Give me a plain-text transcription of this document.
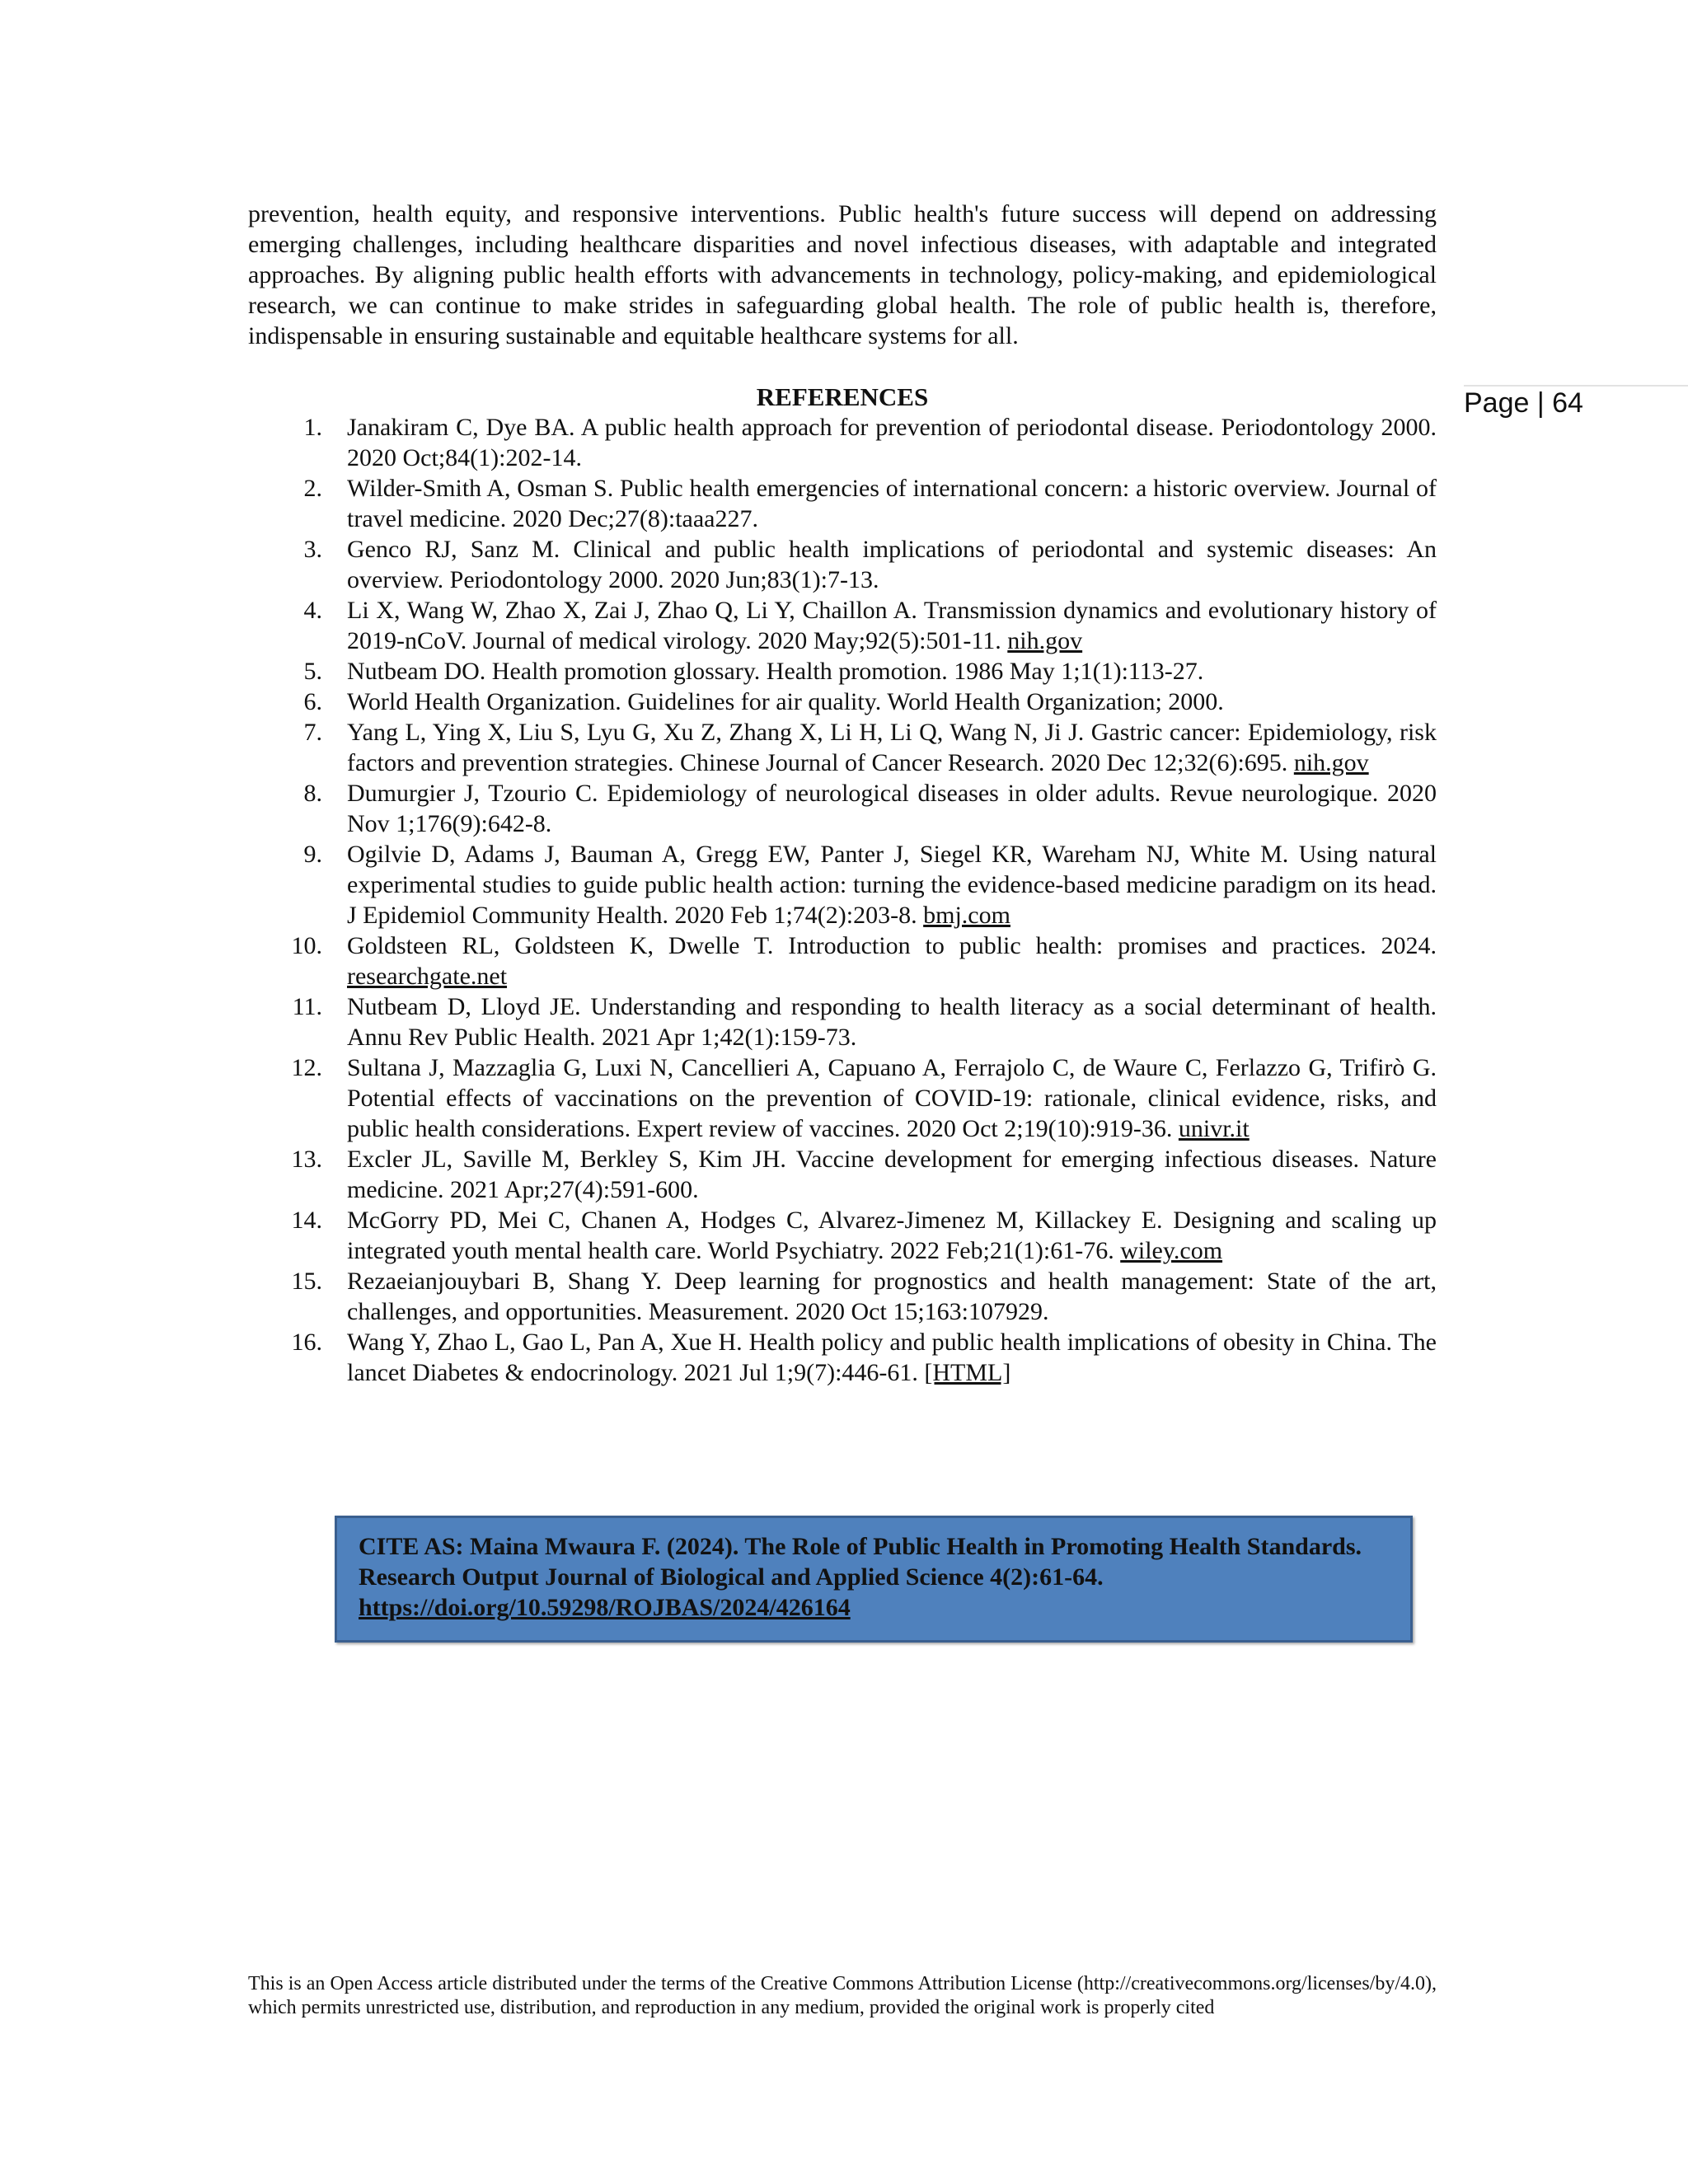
prevention, health equity, and responsive interventions. Public health's future success will depend on addressing emerging challenges, including healthcare disparities and novel infectious diseases, with adaptable and integrated approaches. By aligning public health efforts with advancements in technology, policy-making, and epidemiological research, we can continue to make strides in safeguarding global health. The role of public health is, therefore, indispensable in ensuring sustainable and equitable healthcare systems for all.

REFERENCES	Page | 64
1. Janakiram C, Dye BA. A public health approach for prevention of periodontal disease. Periodontology 2000. 2020 Oct;84(1):202-14.
2. Wilder-Smith A, Osman S. Public health emergencies of international concern: a historic overview. Journal of travel medicine. 2020 Dec;27(8):taaa227.
3. Genco RJ, Sanz M. Clinical and public health implications of periodontal and systemic diseases: An overview. Periodontology 2000. 2020 Jun;83(1):7-13.
4. Li X, Wang W, Zhao X, Zai J, Zhao Q, Li Y, Chaillon A. Transmission dynamics and evolutionary history of 2019-nCoV. Journal of medical virology. 2020 May;92(5):501-11. nih.gov
5. Nutbeam DO. Health promotion glossary. Health promotion. 1986 May 1;1(1):113-27.
6. World Health Organization. Guidelines for air quality. World Health Organization; 2000.
7. Yang L, Ying X, Liu S, Lyu G, Xu Z, Zhang X, Li H, Li Q, Wang N, Ji J. Gastric cancer: Epidemiology, risk factors and prevention strategies. Chinese Journal of Cancer Research. 2020 Dec 12;32(6):695. nih.gov
8. Dumurgier J, Tzourio C. Epidemiology of neurological diseases in older adults. Revue neurologique. 2020 Nov 1;176(9):642-8.
9. Ogilvie D, Adams J, Bauman A, Gregg EW, Panter J, Siegel KR, Wareham NJ, White M. Using natural experimental studies to guide public health action: turning the evidence-based medicine paradigm on its head. J Epidemiol Community Health. 2020 Feb 1;74(2):203-8. bmj.com
10. Goldsteen RL, Goldsteen K, Dwelle T. Introduction to public health: promises and practices. 2024. researchgate.net
11. Nutbeam D, Lloyd JE. Understanding and responding to health literacy as a social determinant of health. Annu Rev Public Health. 2021 Apr 1;42(1):159-73.
12. Sultana J, Mazzaglia G, Luxi N, Cancellieri A, Capuano A, Ferrajolo C, de Waure C, Ferlazzo G, Trifirò G. Potential effects of vaccinations on the prevention of COVID-19: rationale, clinical evidence, risks, and public health considerations. Expert review of vaccines. 2020 Oct 2;19(10):919-36. univr.it
13. Excler JL, Saville M, Berkley S, Kim JH. Vaccine development for emerging infectious diseases. Nature medicine. 2021 Apr;27(4):591-600.
14. McGorry PD, Mei C, Chanen A, Hodges C, Alvarez-Jimenez M, Killackey E. Designing and scaling up integrated youth mental health care. World Psychiatry. 2022 Feb;21(1):61-76. wiley.com
15. Rezaeianjouybari B, Shang Y. Deep learning for prognostics and health management: State of the art, challenges, and opportunities. Measurement. 2020 Oct 15;163:107929.
16. Wang Y, Zhao L, Gao L, Pan A, Xue H. Health policy and public health implications of obesity in China. The lancet Diabetes & endocrinology. 2021 Jul 1;9(7):446-61. [HTML]
CITE AS: Maina Mwaura F. (2024). The Role of Public Health in Promoting Health Standards. Research Output Journal of Biological and Applied Science 4(2):61-64.
https://doi.org/10.59298/ROJBAS/2024/426164

This is an Open Access article distributed under the terms of the Creative Commons Attribution License (http://creativecommons.org/licenses/by/4.0), which permits unrestricted use, distribution, and reproduction in any medium, provided the original work is properly cited
